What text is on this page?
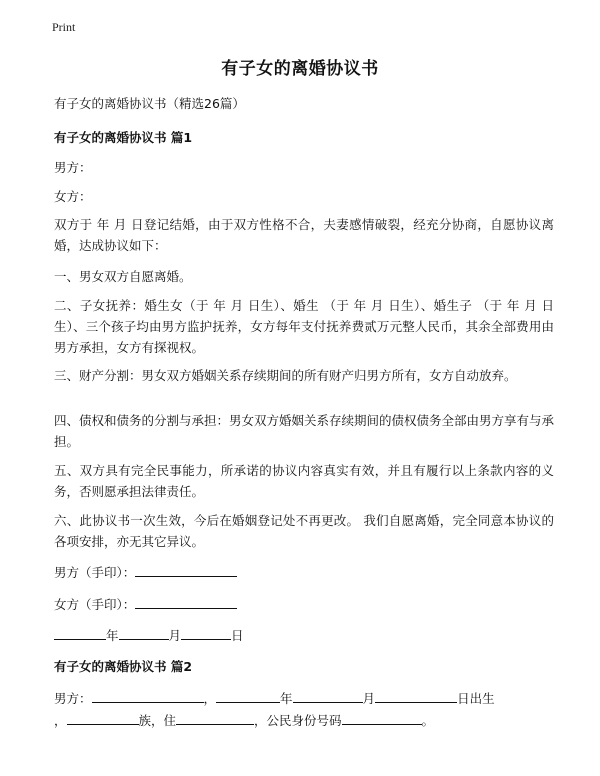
Print
有子女的离婚协议书
有子女的离婚协议书（精选26篇）
有子女的离婚协议书 篇1
男方：
女方：
双方于 年 月 日登记结婚，由于双方性格不合，夫妻感情破裂，经充分协商，自愿协议离婚，达成协议如下：
一、男女双方自愿离婚。
二、子女抚养：婚生女（于 年 月 日生）、婚生 （于 年 月 日生）、婚生子 （于 年 月 日生）、三个孩子均由男方监护抚养，女方每年支付抚养费贰万元整人民币，其余全部费用由男方承担，女方有探视权。
三、财产分割：男女双方婚姻关系存续期间的所有财产归男方所有，女方自动放弃。
四、债权和债务的分割与承担：男女双方婚姻关系存续期间的债权债务全部由男方享有与承担。
五、双方具有完全民事能力，所承诺的协议内容真实有效，并且有履行以上条款内容的义务，否则愿承担法律责任。
六、此协议书一次生效，今后在婚姻登记处不再更改。 我们自愿离婚，完全同意本协议的各项安排，亦无其它异议。
男方（手印）：
女方（手印）：
年	月	日
有子女的离婚协议书 篇2
男方：	，	年	月	日出生
，	族，住	，公民身份号码	。
